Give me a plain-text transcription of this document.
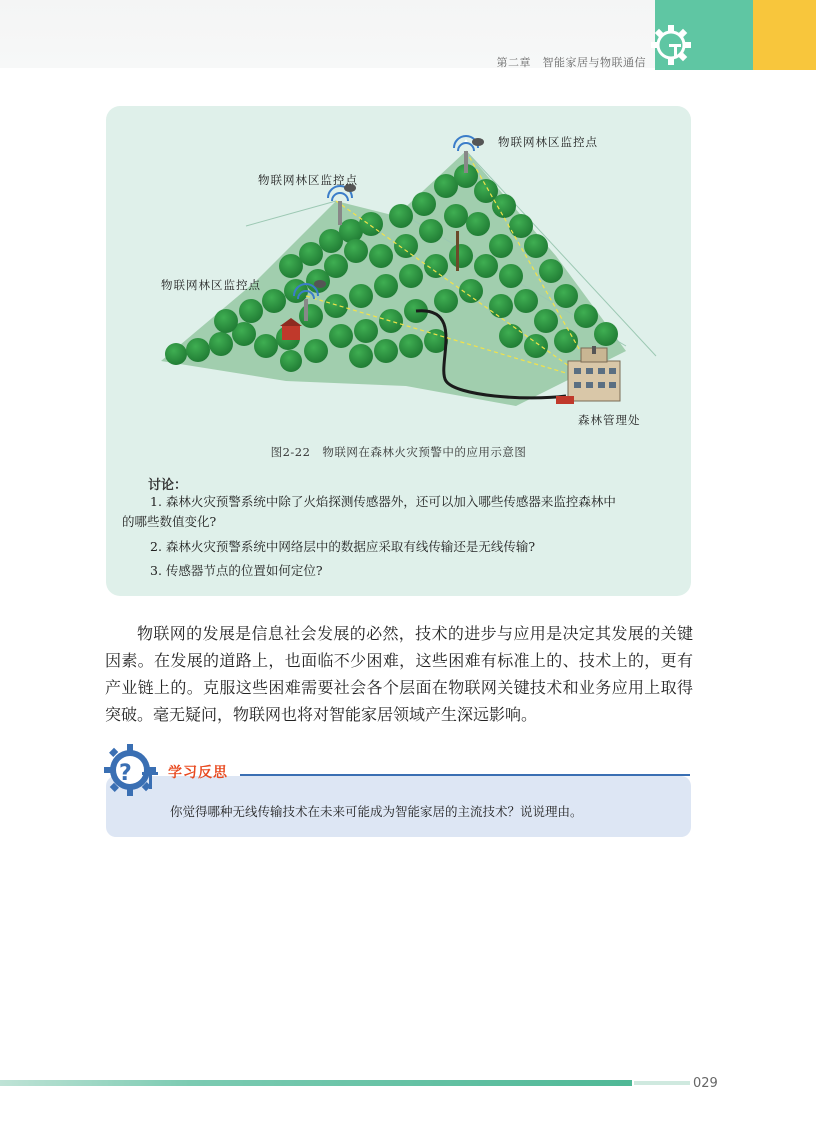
第二章　智能家居与物联通信
物联网林区监控点
物联网林区监控点
物联网林区监控点
森林管理处
图2-22　物联网在森林火灾预警中的应用示意图
讨论：
1. 森林火灾预警系统中除了火焰探测传感器外，还可以加入哪些传感器来监控森林中
的哪些数值变化?
2. 森林火灾预警系统中网络层中的数据应采取有线传输还是无线传输?
3. 传感器节点的位置如何定位?
物联网的发展是信息社会发展的必然，技术的进步与应用是决定其发展的关键因素。在发展的道路上，也面临不少困难，这些困难有标准上的、技术上的，更有产业链上的。克服这些困难需要社会各个层面在物联网关键技术和业务应用上取得突破。毫无疑问，物联网也将对智能家居领域产生深远影响。
?	学习反思
你觉得哪种无线传输技术在未来可能成为智能家居的主流技术？说说理由。
029
